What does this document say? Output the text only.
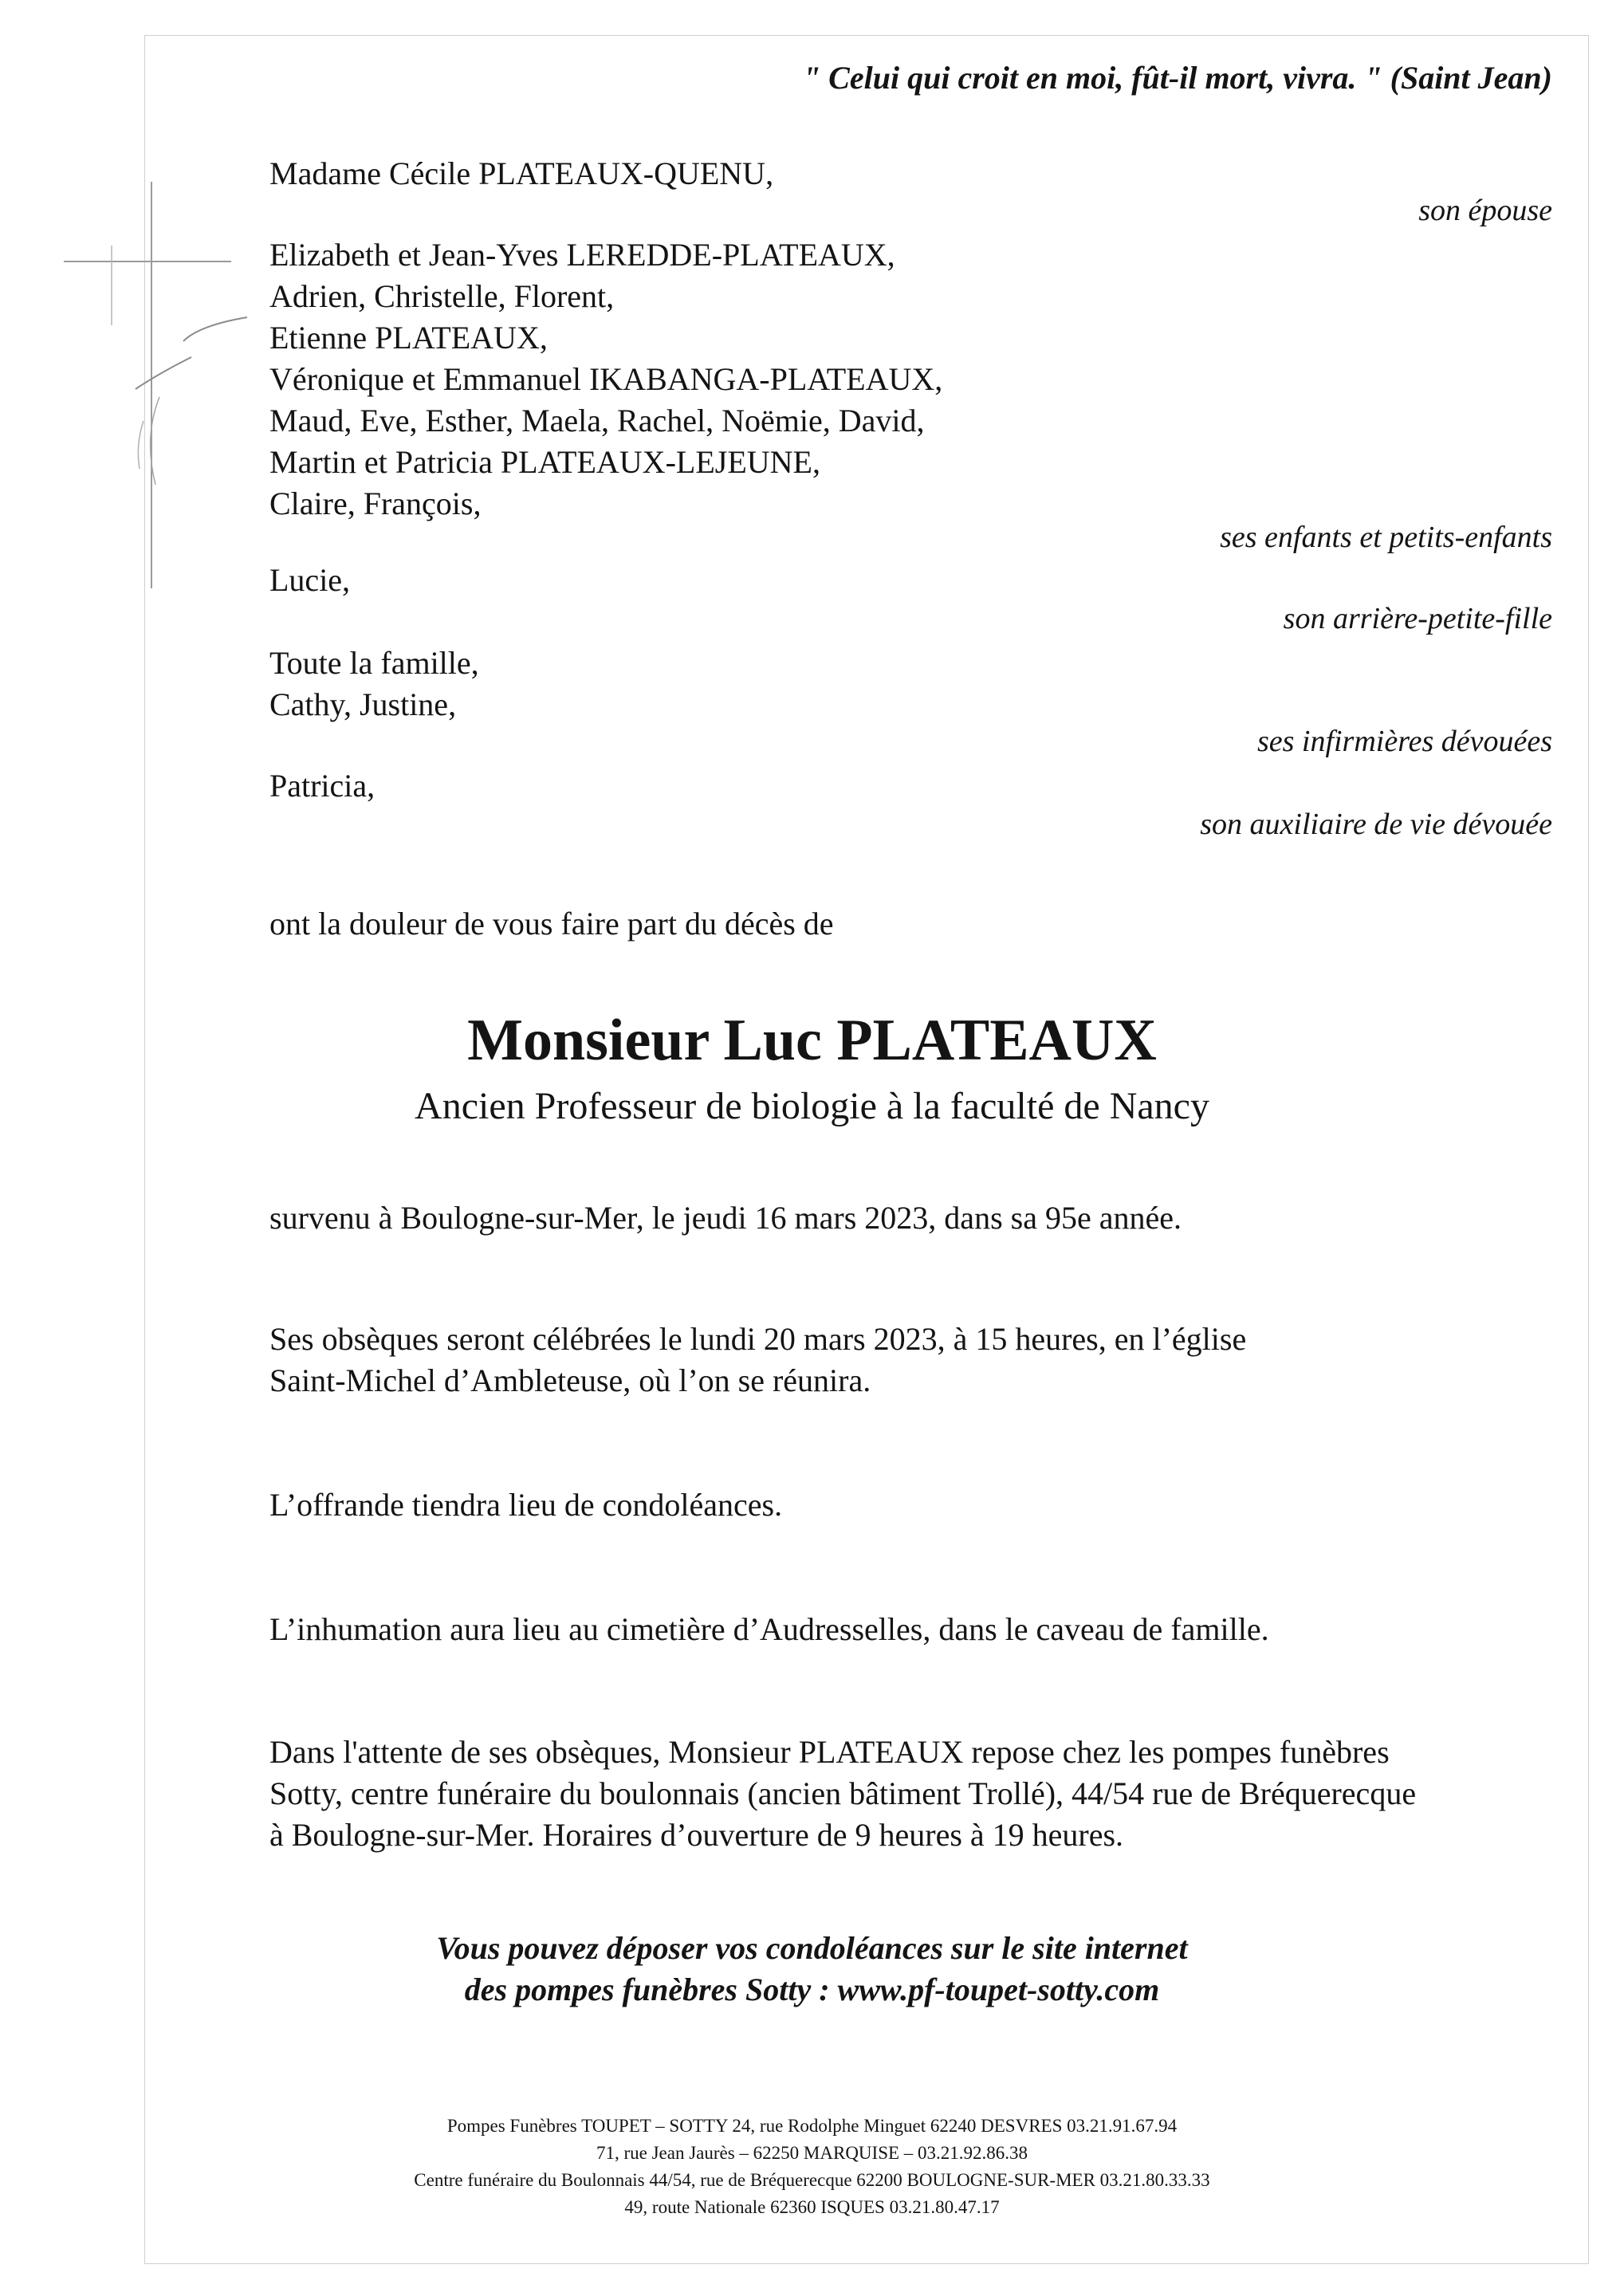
" Celui qui croit en moi, fût-il mort, vivra. " (Saint Jean)
Madame Cécile PLATEAUX-QUENU,
son épouse
Elizabeth et Jean-Yves LEREDDE-PLATEAUX,
Adrien, Christelle, Florent,
Etienne PLATEAUX,
Véronique et Emmanuel IKABANGA-PLATEAUX,
Maud, Eve, Esther, Maela, Rachel, Noëmie, David,
Martin et Patricia PLATEAUX-LEJEUNE,
Claire, François,
ses enfants et petits-enfants
Lucie,
son arrière-petite-fille
Toute la famille,
Cathy, Justine,
ses infirmières dévouées
Patricia,
son auxiliaire de vie dévouée
ont la douleur de vous faire part du décès de
Monsieur Luc PLATEAUX
Ancien Professeur de biologie à la faculté de Nancy
survenu à Boulogne-sur-Mer, le jeudi 16 mars 2023, dans sa 95e année.
Ses obsèques seront célébrées le lundi 20 mars 2023, à 15 heures, en l’église
Saint-Michel d’Ambleteuse, où l’on se réunira.
L’offrande tiendra lieu de condoléances.
L’inhumation aura lieu au cimetière d’Audresselles, dans le caveau de famille.
Dans l'attente de ses obsèques, Monsieur PLATEAUX repose chez les pompes funèbres
Sotty, centre funéraire du boulonnais (ancien bâtiment Trollé), 44/54 rue de Bréquerecque
à Boulogne-sur-Mer. Horaires d’ouverture de 9 heures à 19 heures.
Vous pouvez déposer vos condoléances sur le site internet
des pompes funèbres Sotty : www.pf-toupet-sotty.com
Pompes Funèbres TOUPET – SOTTY 24, rue Rodolphe Minguet 62240 DESVRES 03.21.91.67.94
71, rue Jean Jaurès – 62250 MARQUISE – 03.21.92.86.38
Centre funéraire du Boulonnais 44/54, rue de Bréquerecque 62200 BOULOGNE-SUR-MER 03.21.80.33.33
49, route Nationale 62360 ISQUES 03.21.80.47.17
